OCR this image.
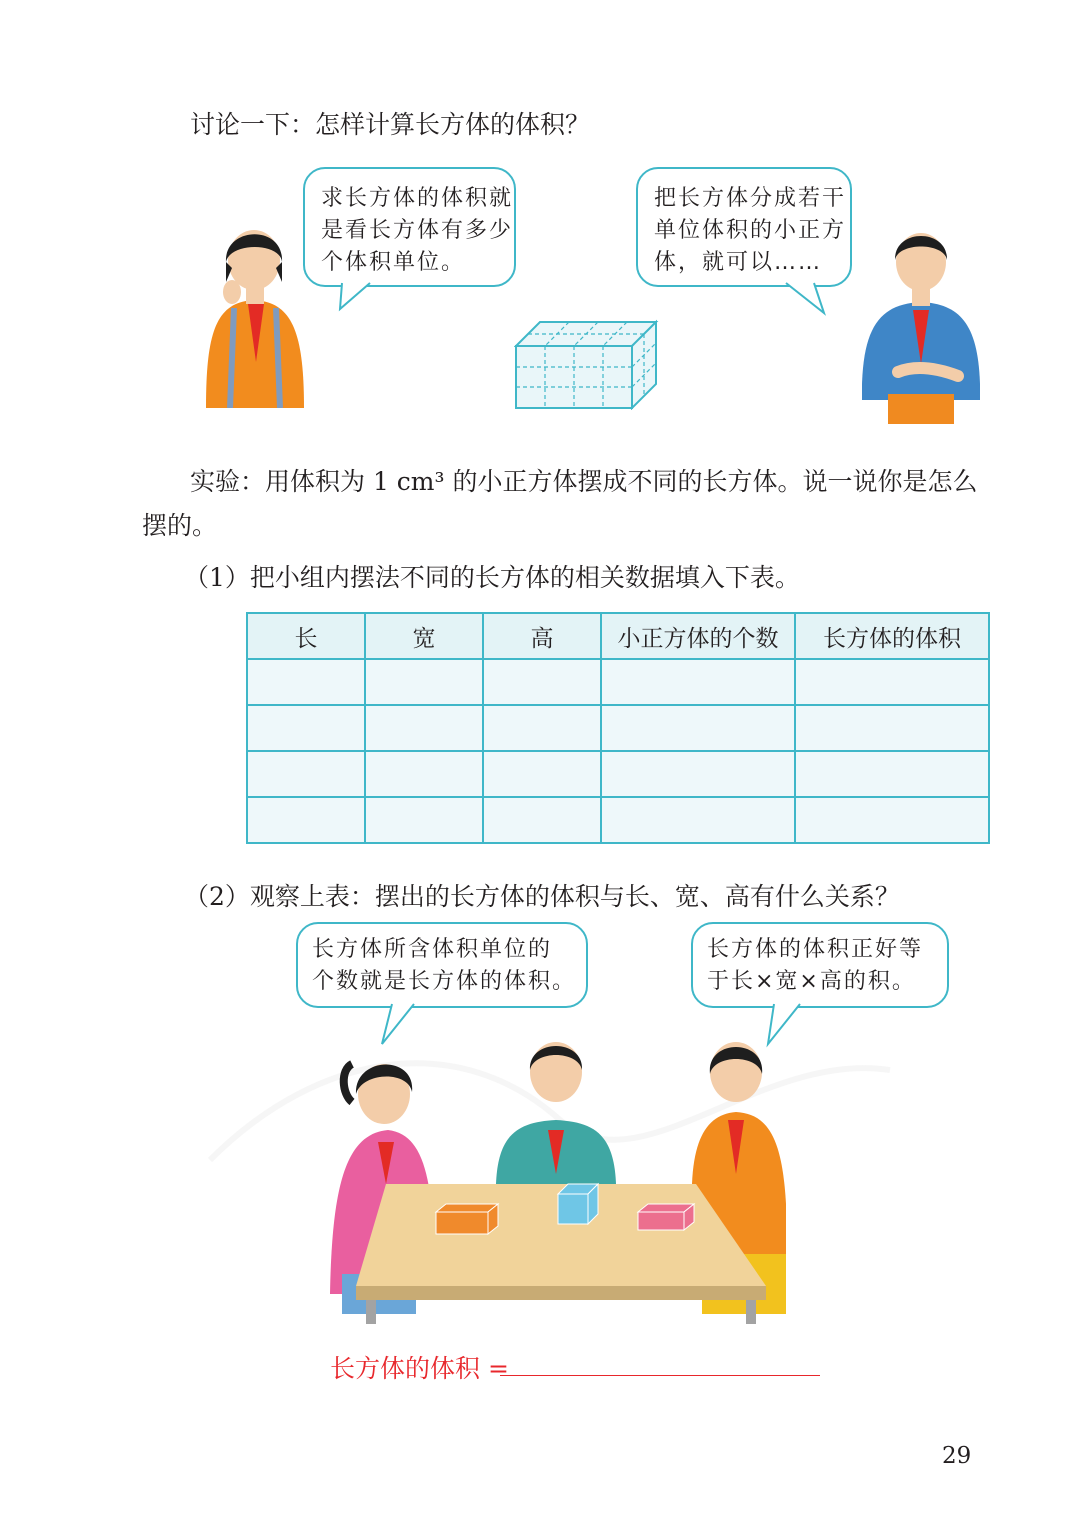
讨论一下：怎样计算长方体的体积？
求长方体的体积就
是看长方体有多少
个体积单位。
把长方体分成若干
单位体积的小正方
体，就可以……
实验：用体积为 1 cm³ 的小正方体摆成不同的长方体。说一说你是怎么
摆的。
（1）把小组内摆法不同的长方体的相关数据填入下表。
长	宽	高	小正方体的个数	长方体的体积

（2）观察上表：摆出的长方体的体积与长、宽、高有什么关系？
长方体所含体积单位的
个数就是长方体的体积。
长方体的体积正好等
于长×宽×高的积。
长方体的体积 =
29
